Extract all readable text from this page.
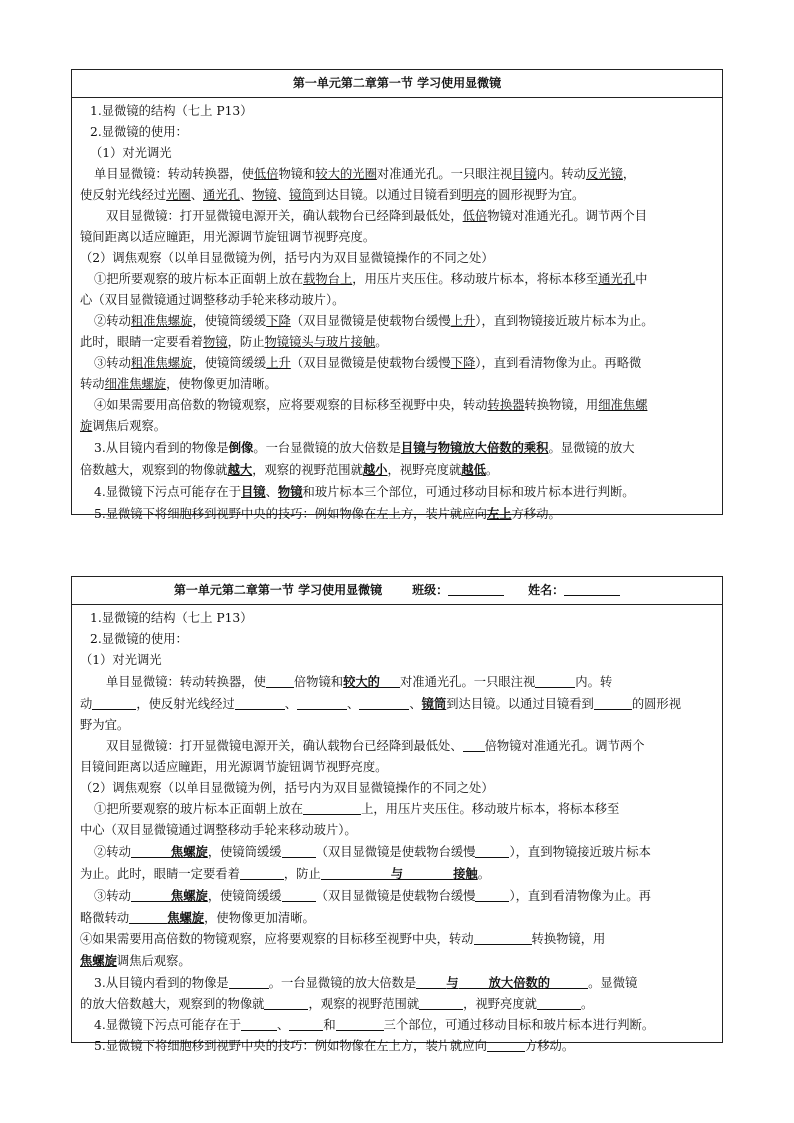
第一单元第二章第一节 学习使用显微镜

1.显微镜的结构（七上 P13）

2.显微镜的使用：

（1）对光调光

单目显微镜：转动转换器，使低倍物镜和较大的光圈对准通光孔。一只眼注视目镜内。转动反光镜，

使反射光线经过光圈、通光孔、物镜、镜筒到达目镜。以通过目镜看到明亮的圆形视野为宜。

双目显微镜：打开显微镜电源开关，确认载物台已经降到最低处，低倍物镜对准通光孔。调节两个目

镜间距离以适应瞳距，用光源调节旋钮调节视野亮度。

（2）调焦观察（以单目显微镜为例，括号内为双目显微镜操作的不同之处）

①把所要观察的玻片标本正面朝上放在载物台上，用压片夹压住。移动玻片标本，将标本移至通光孔中

心（双目显微镜通过调整移动手轮来移动玻片）。

②转动粗准焦螺旋，使镜筒缓缓下降（双目显微镜是使载物台缓慢上升），直到物镜接近玻片标本为止。

此时，眼睛一定要看着物镜，防止物镜镜头与玻片接触。

③转动粗准焦螺旋，使镜筒缓缓上升（双目显微镜是使载物台缓慢下降），直到看清物像为止。再略微

转动细准焦螺旋，使物像更加清晰。

④如果需要用高倍数的物镜观察，应将要观察的目标移至视野中央，转动转换器转换物镜，用细准焦螺

旋调焦后观察。

3.从目镜内看到的物像是倒像。一台显微镜的放大倍数是目镜与物镜放大倍数的乘积。显微镜的放大

倍数越大，观察到的物像就越大，观察的视野范围就越小，视野亮度就越低。

4.显微镜下污点可能存在于目镜、物镜和玻片标本三个部位，可通过移动目标和玻片标本进行判断。

5.显微镜下将细胞移到视野中央的技巧：例如物像在左上方，装片就应向左上方移动。

第一单元第二章第一节 学习使用显微镜	班级：	姓名：

1.显微镜的结构（七上 P13）

2.显微镜的使用：

（1）对光调光

单目显微镜：转动转换器，使 倍物镜和较大的 对准通光孔。一只眼注视	内。转

动	，使反射光线经过	、	、	、镜筒到达目镜。以通过目镜看到	的圆形视

野为宜。

双目显微镜：打开显微镜电源开关，确认载物台已经降到最低处、 倍物镜对准通光孔。调节两个

目镜间距离以适应瞳距，用光源调节旋钮调节视野亮度。

（2）调焦观察（以单目显微镜为例，括号内为双目显微镜操作的不同之处）

①把所要观察的玻片标本正面朝上放在	上，用压片夹压住。移动玻片标本，将标本移至

中心（双目显微镜通过调整移动手轮来移动玻片）。

②转动	焦螺旋，使镜筒缓缓	（双目显微镜是使载物台缓慢	），直到物镜接近玻片标本

为止。此时，眼睛一定要看着	，防止	与	接触。

③转动	焦螺旋，使镜筒缓缓	（双目显微镜是使载物台缓慢	），直到看清物像为止。再

略微转动	焦螺旋，使物像更加清晰。

④如果需要用高倍数的物镜观察，应将要观察的目标移至视野中央，转动	转换物镜，用

焦螺旋调焦后观察。

3.从目镜内看到的物像是	。一台显微镜的放大倍数是 与 放大倍数的	。显微镜

的放大倍数越大，观察到的物像就	，观察的视野范围就	，视野亮度就	。

4.显微镜下污点可能存在于	、	和	三个部位，可通过移动目标和玻片标本进行判断。

5.显微镜下将细胞移到视野中央的技巧：例如物像在左上方，装片就应向	方移动。
